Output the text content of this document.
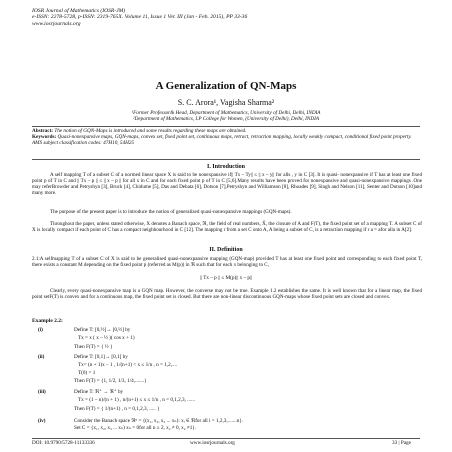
IOSR Journal of Mathematics (IOSR-JM)
e-ISSN: 2278-5728, p-ISSN: 2319-765X. Volume 11, Issue 1 Ver. III (Jan - Feb. 2015), PP 33-36
www.iosrjournals.org
A Generalization of QN-Maps
S. C. Arora¹, Vagisha Sharma²
¹Former Professor& Head, Department of Mathematics, University of Delhi, Delhi, INDIA
²Department of Mathematics, I.P College for Women, (University of Delhi), Delhi, INDIA
Abstract: The notion of GQN-Maps is introduced and some results regarding these maps are obtained.
Keywords: Quasi-nonexpansive maps, GQN-maps, convex set, fixed point set, continuous maps, retract, retraction mapping, locally weakly compact, conditional fixed point property.
AMS subject classification codes: 47H10, 54H25
I. Introduction
A self mapping T of a subset C of a normed linear space X is said to be nonexpansive if|| Tx – Ty|| ≤ || x – y|| for alls , y in C [3]. It is quasi- nonexpansive if T has at least one fixed point p of T in C and || Tx – p || ≤ || x – p || for all x in C and for each fixed point p of T in C [5,6].Many results have been proved for nonexpansive and quasi-nonexpansive mappings .One may referBrowder and Petryshyn [3], Bruck [4], Chidume [5], Das and Debata [6], Dotson [7],Petryshyn and Williamson [8], Rhoades [9], Singh and Nelson [11], Senter and Dotson [10]and many more.
The purpose of the present paper is to introduce the notion of generalized quasi-nonexpansive mappings (GQN-maps).
Throughout the paper, unless stated otherwise, X denotes a Banach space, ℜ, the field of real numbers, X̄, the closure of A and F(T), the fixed point set of a mapping T. A subset C of X is locally compact if each point of C has a compact neighbourhood in C [12]. The mapping r from a set C onto A, A being a subset of C, is a retraction mapping if r a = afor alla in A[2].
II. Definition
2.1:A selfmapping T of a subset C of X is said to be generalised quasi-nonexpansive mapping (GQN-map) provided T has at least one fixed point and corresponding to each fixed point T, there exists a constant M depending on the fixed point p (referred as M(p)) in ℜ such that for each x belonging to C,
|| Tx – p || ≤ M(p)|| x – p||
Clearly, every quasi-nonexpansive map is a GQN map. However, the converse may not be true. Example 1.2 establishes the same. It is well known that for a linear map, the fixed point setF(T) is convex and for a continuous map, the fixed point set is closed. But there are non-linear discontinuous GQN-maps whose fixed point sets are closed and convex.
Example 2.2:
(i)	Define T: [0,½]→ [0,½] by
Tx = x ( x – ½ )( cos x + 1)
Then F(T) = { ½ }
(ii)	Define T: [0,1]→ [0,1] by
Tx= (n + 1)x – 1 , 1/(n+1) < x ≤ 1/n , n = 1,2,....
T(0) = 1
Then F(T) = {1, 1/2, 1/3, 1/4,.......}
(iii)	Define T: ℜ⁺ → ℜ⁺ by
Tx = (1 – n)/(n + 1) , n/(n+1) ≤ x ≤ 1/n , n = 0,1,2,3, ......
Then F(T) = { 1/(n+1) , n = 0,1,2,3, ..... }
(iv)	Consider the Banach space ℜⁿ = {(x₁, x₂, x₃ ... xₙ): xᵢ ∈ ℜfor all i = 1,2,3,.......n}.
Set C = {x₁, x₂, x₃ ... xₙ) xₙ = 0for all n ≥ 2, x₂ ≠ 0, x₂ ≠1}.
DOI: 10.9790/5728-11133336	www.iosrjournals.org	33 | Page
